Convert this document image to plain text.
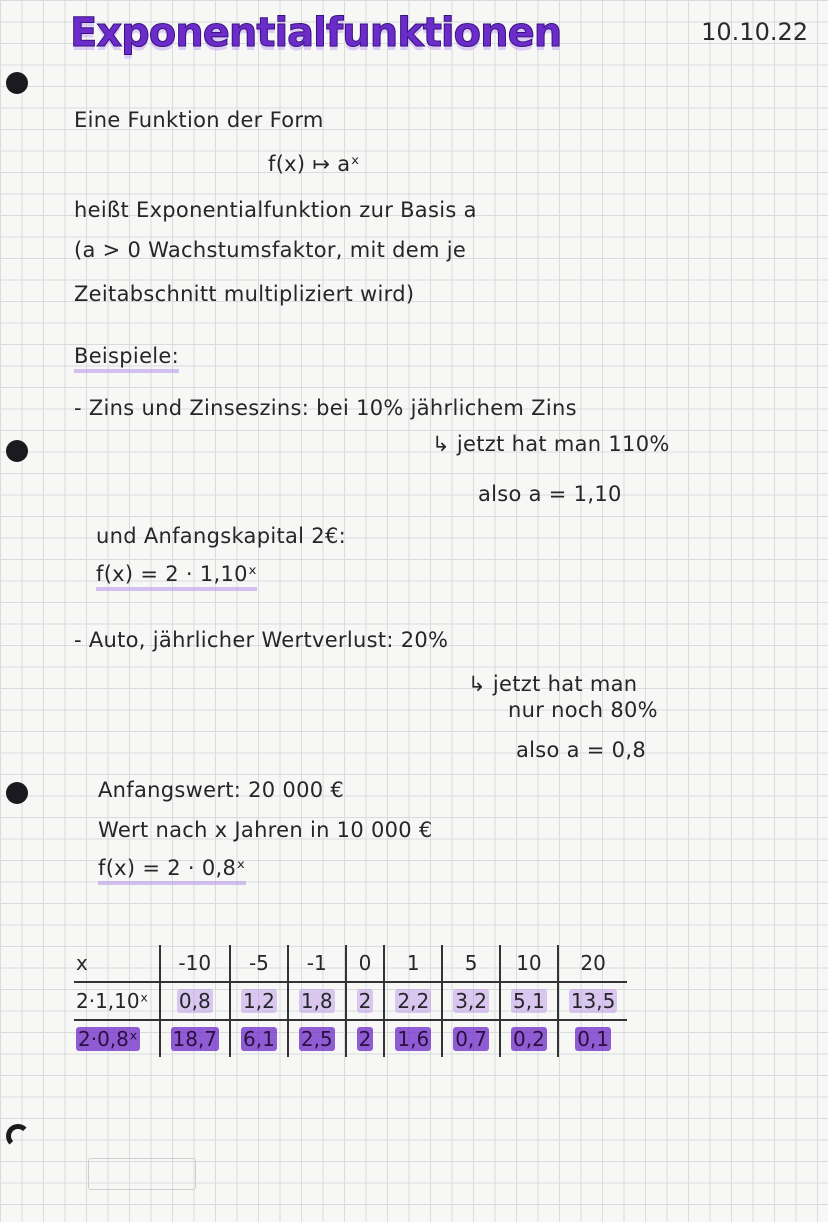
Exponentialfunktionen	10.10.22
Eine Funktion der Form
f(x) ↦ aˣ
heißt Exponentialfunktion zur Basis a
(a > 0 Wachstumsfaktor, mit dem je
Zeitabschnitt multipliziert wird)
Beispiele:
- Zins und Zinseszins: bei 10% jährlichem Zins
↳ jetzt hat man 110%
also a = 1,10
und Anfangskapital 2€:
f(x) = 2 · 1,10ˣ
- Auto, jährlicher Wertverlust: 20%
↳ jetzt hat man
nur noch 80%
also a = 0,8
Anfangswert: 20 000 €
Wert nach x Jahren in 10 000 €
f(x) = 2 · 0,8ˣ
x	-10	-5	-1	0	1	5	10	20
2·1,10ˣ	0,8	1,2	1,8	2	2,2	3,2	5,1	13,5
2·0,8ˣ	18,7	6,1	2,5	2	1,6	0,7	0,2	0,1
